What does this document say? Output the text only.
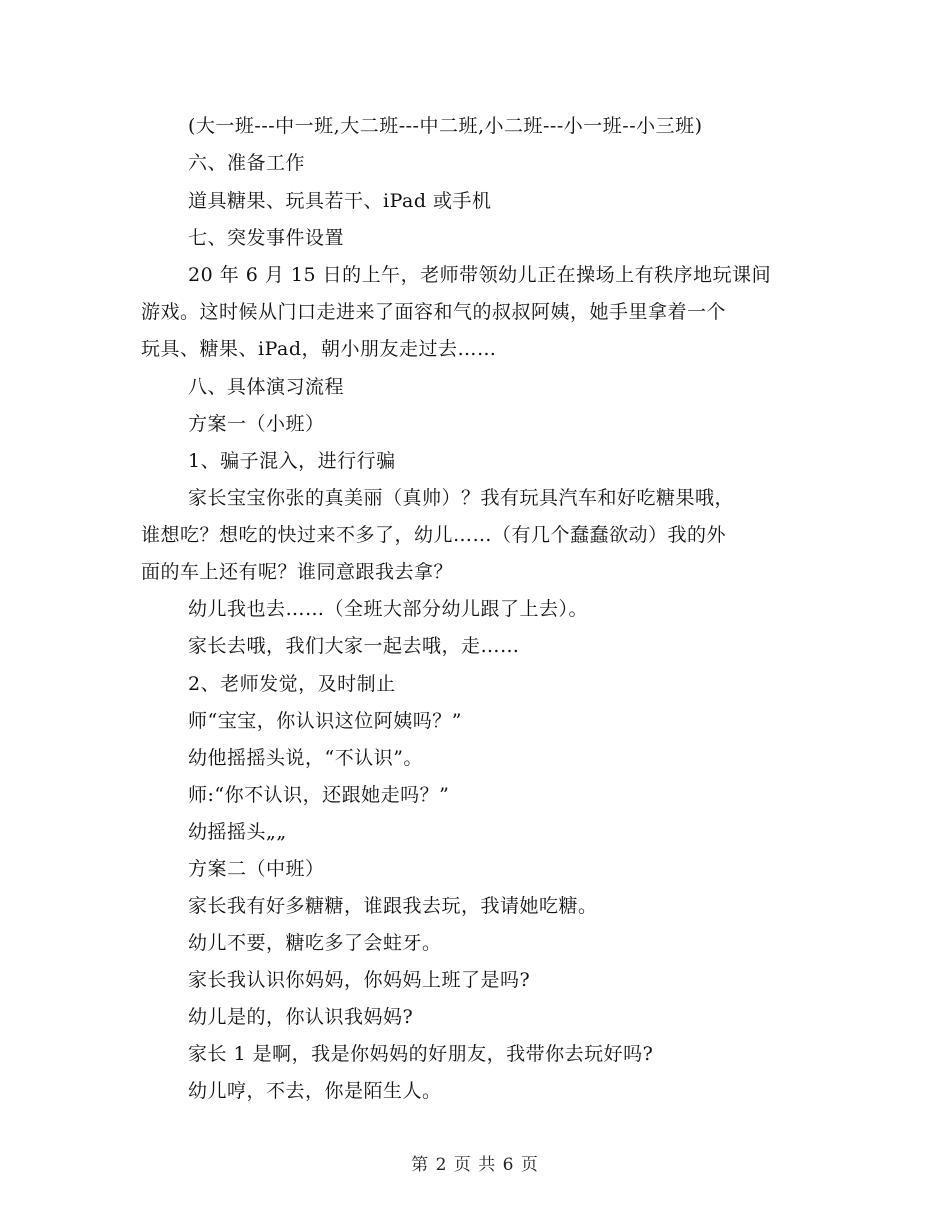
(大一班---中一班,大二班---中二班,小二班---小一班--小三班)
六、准备工作
道具糖果、玩具若干、iPad 或手机
七、突发事件设置
20 年 6 月 15 日的上午，老师带领幼儿正在操场上有秩序地玩课间
游戏。这时候从门口走进来了面容和气的叔叔阿姨，她手里拿着一个
玩具、糖果、iPad，朝小朋友走过去……
八、具体演习流程
方案一（小班）
1、骗子混入，进行行骗
家长宝宝你张的真美丽（真帅）？我有玩具汽车和好吃糖果哦，
谁想吃？想吃的快过来不多了，幼儿……（有几个蠢蠢欲动）我的外
面的车上还有呢？谁同意跟我去拿？
幼儿我也去……（全班大部分幼儿跟了上去）。
家长去哦，我们大家一起去哦，走……
2、老师发觉，及时制止
师“宝宝，你认识这位阿姨吗？”
幼他摇摇头说，“不认识”。
师:“你不认识，还跟她走吗？”
幼摇摇头„„
方案二（中班）
家长我有好多糖糖，谁跟我去玩，我请她吃糖。
幼儿不要，糖吃多了会蛀牙。
家长我认识你妈妈，你妈妈上班了是吗?
幼儿是的，你认识我妈妈?
家长 1 是啊，我是你妈妈的好朋友，我带你去玩好吗?
幼儿哼，不去，你是陌生人。
第 2 页 共 6 页
